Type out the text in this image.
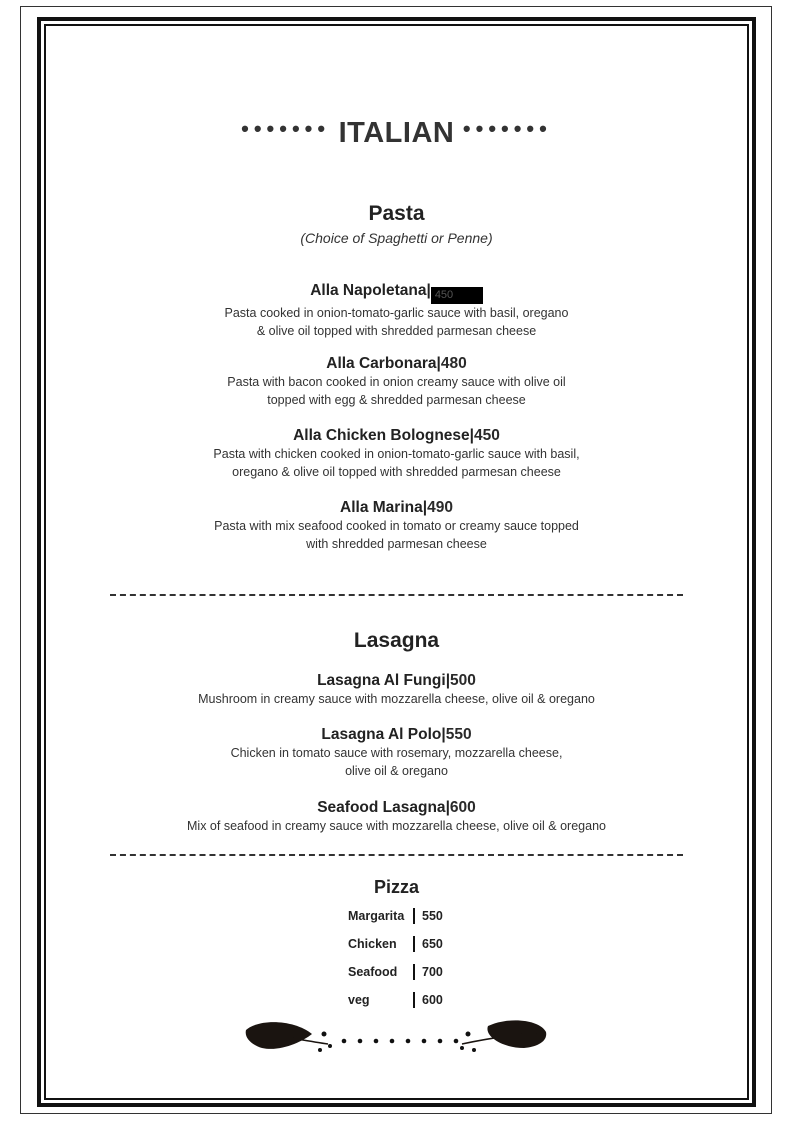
••••••• ITALIAN •••••••
Pasta
(Choice of Spaghetti or Penne)
Alla Napoletana| 450
Pasta cooked in onion-tomato-garlic sauce with basil, oregano
& olive oil topped with shredded parmesan cheese
Alla Carbonara|480
Pasta with bacon cooked in onion creamy sauce with olive oil
topped with egg & shredded parmesan cheese
Alla Chicken Bolognese|450
Pasta with chicken cooked in onion-tomato-garlic sauce with basil,
oregano & olive oil topped with shredded parmesan cheese
Alla Marina|490
Pasta with mix seafood cooked in tomato or creamy sauce topped
with shredded parmesan cheese
Lasagna
Lasagna Al Fungi|500
Mushroom in creamy sauce with mozzarella cheese, olive oil & oregano
Lasagna Al Polo|550
Chicken in tomato sauce with rosemary, mozzarella cheese,
olive oil & oregano
Seafood Lasagna|600
Mix of seafood in creamy sauce with mozzarella cheese, olive oil & oregano
Pizza
Margarita 550
Chicken 650
Seafood 700
veg	600
